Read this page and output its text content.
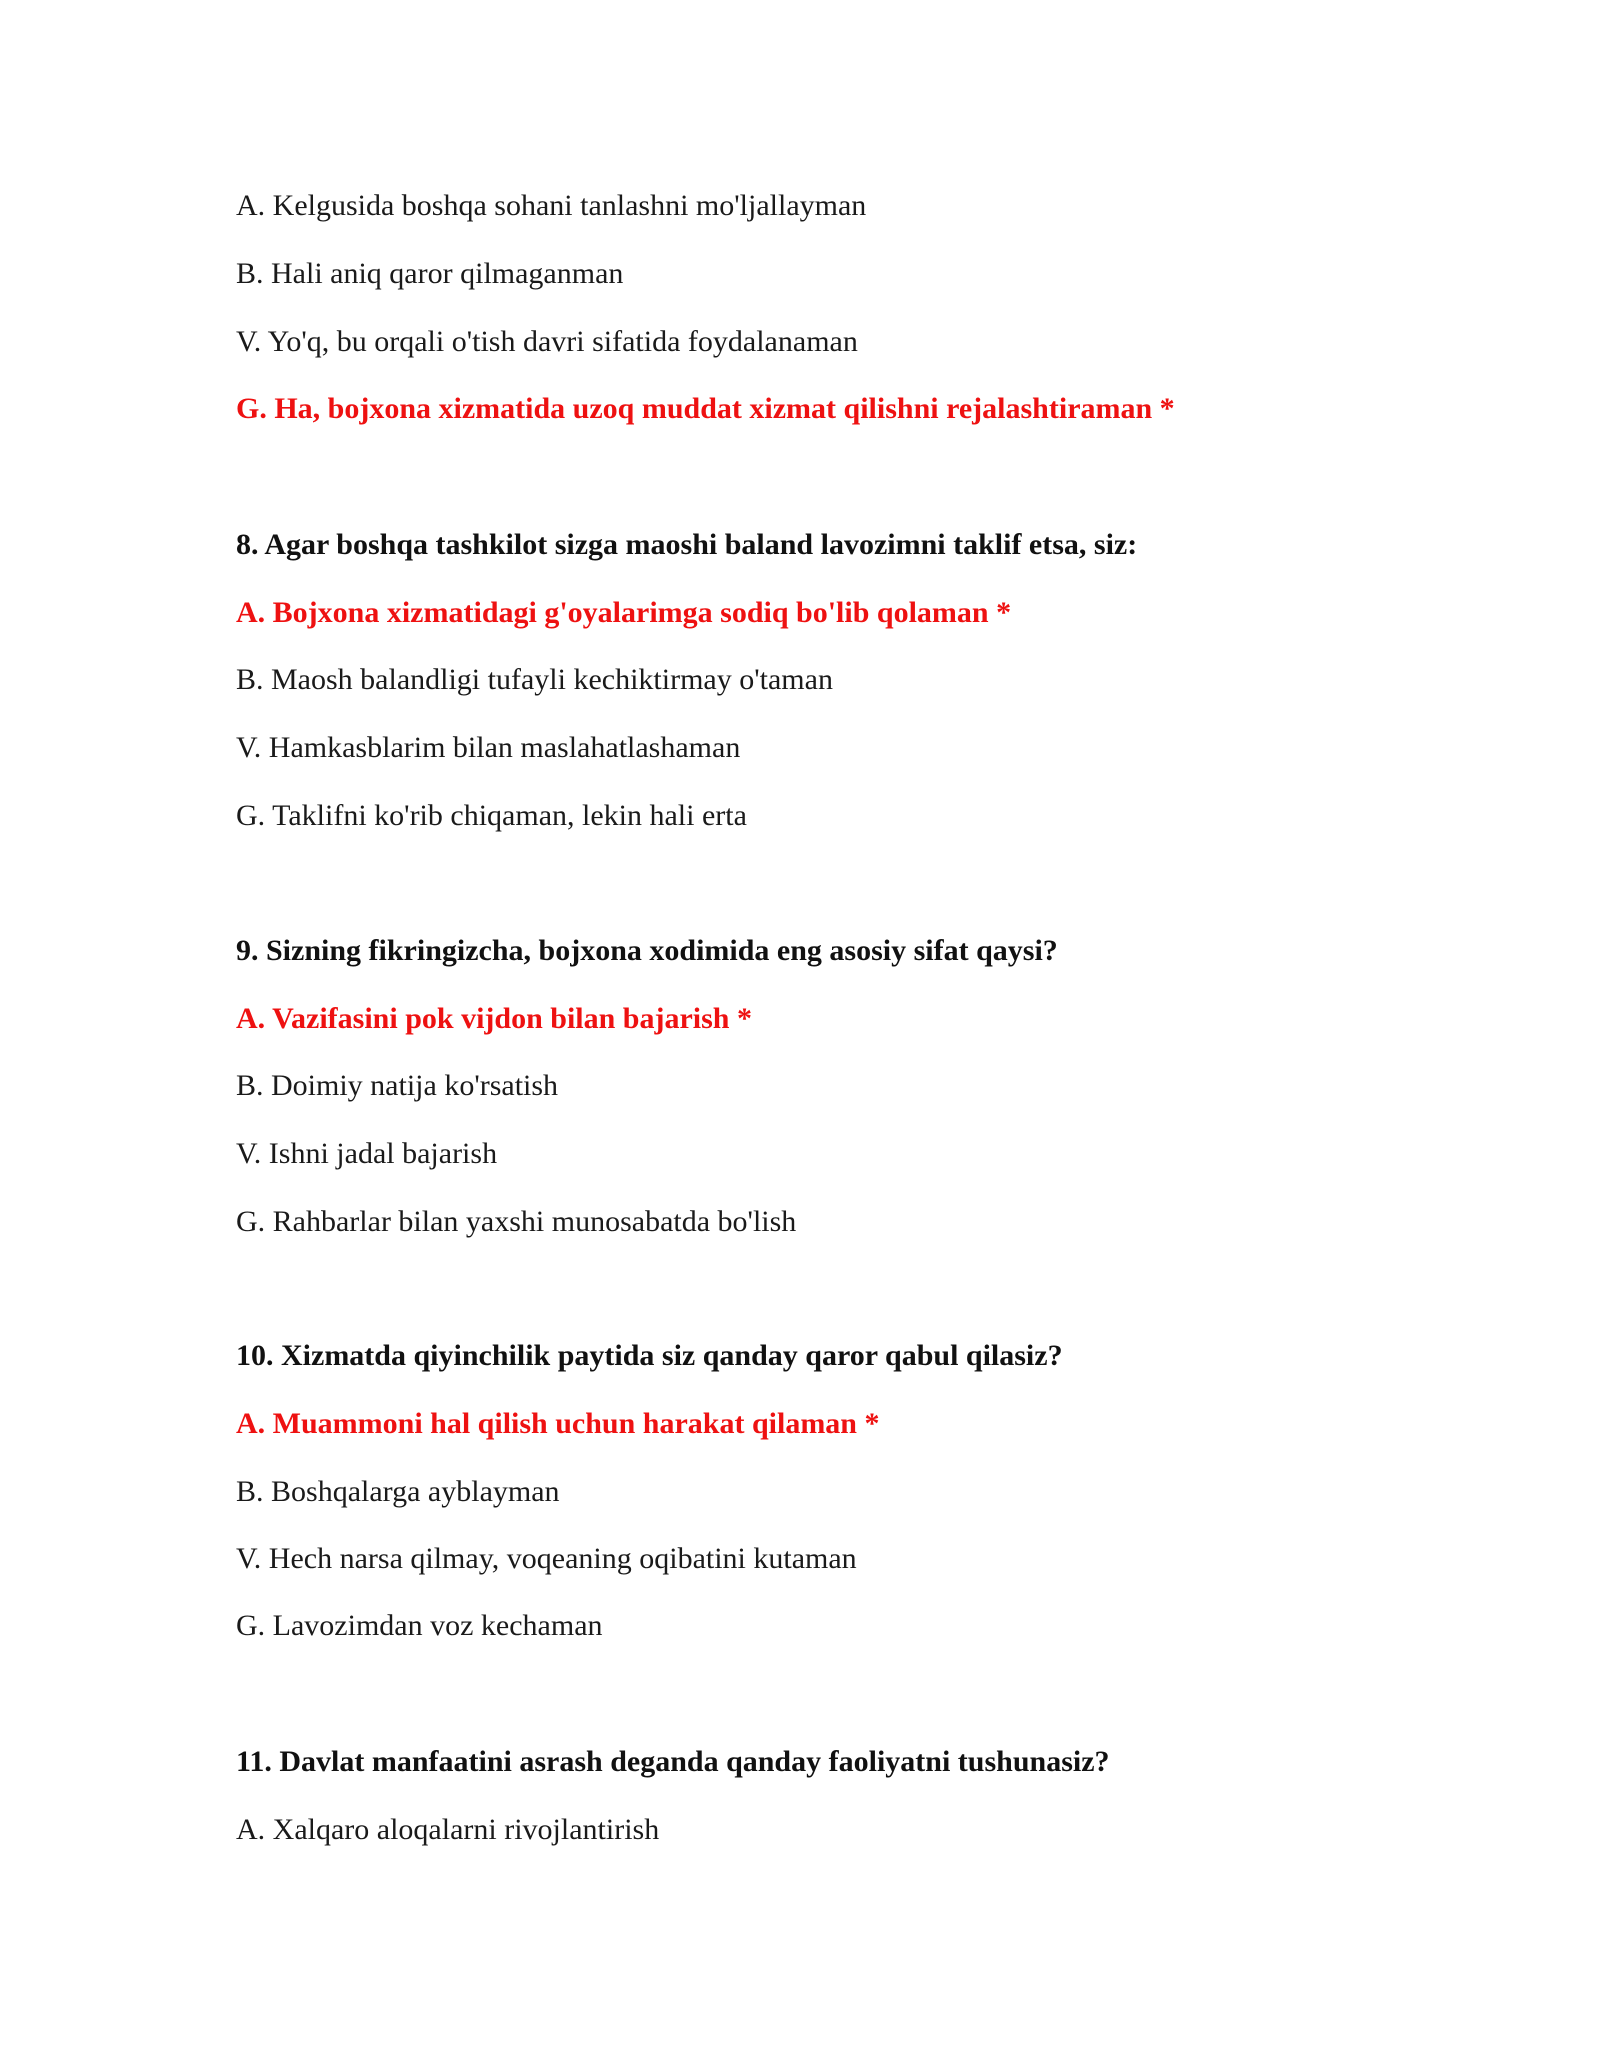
A. Kelgusida boshqa sohani tanlashni mo'ljallayman
B. Hali aniq qaror qilmaganman
V. Yo'q, bu orqali o'tish davri sifatida foydalanaman
G. Ha, bojxona xizmatida uzoq muddat xizmat qilishni rejalashtiraman *
8. Agar boshqa tashkilot sizga maoshi baland lavozimni taklif etsa, siz:
A. Bojxona xizmatidagi g'oyalarimga sodiq bo'lib qolaman *
B. Maosh balandligi tufayli kechiktirmay o'taman
V. Hamkasblarim bilan maslahatlashaman
G. Taklifni ko'rib chiqaman, lekin hali erta
9. Sizning fikringizcha, bojxona xodimida eng asosiy sifat qaysi?
A. Vazifasini pok vijdon bilan bajarish *
B. Doimiy natija ko'rsatish
V. Ishni jadal bajarish
G. Rahbarlar bilan yaxshi munosabatda bo'lish
10. Xizmatda qiyinchilik paytida siz qanday qaror qabul qilasiz?
A. Muammoni hal qilish uchun harakat qilaman *
B. Boshqalarga ayblayman
V. Hech narsa qilmay, voqeaning oqibatini kutaman
G. Lavozimdan voz kechaman
11. Davlat manfaatini asrash deganda qanday faoliyatni tushunasiz?
A. Xalqaro aloqalarni rivojlantirish
